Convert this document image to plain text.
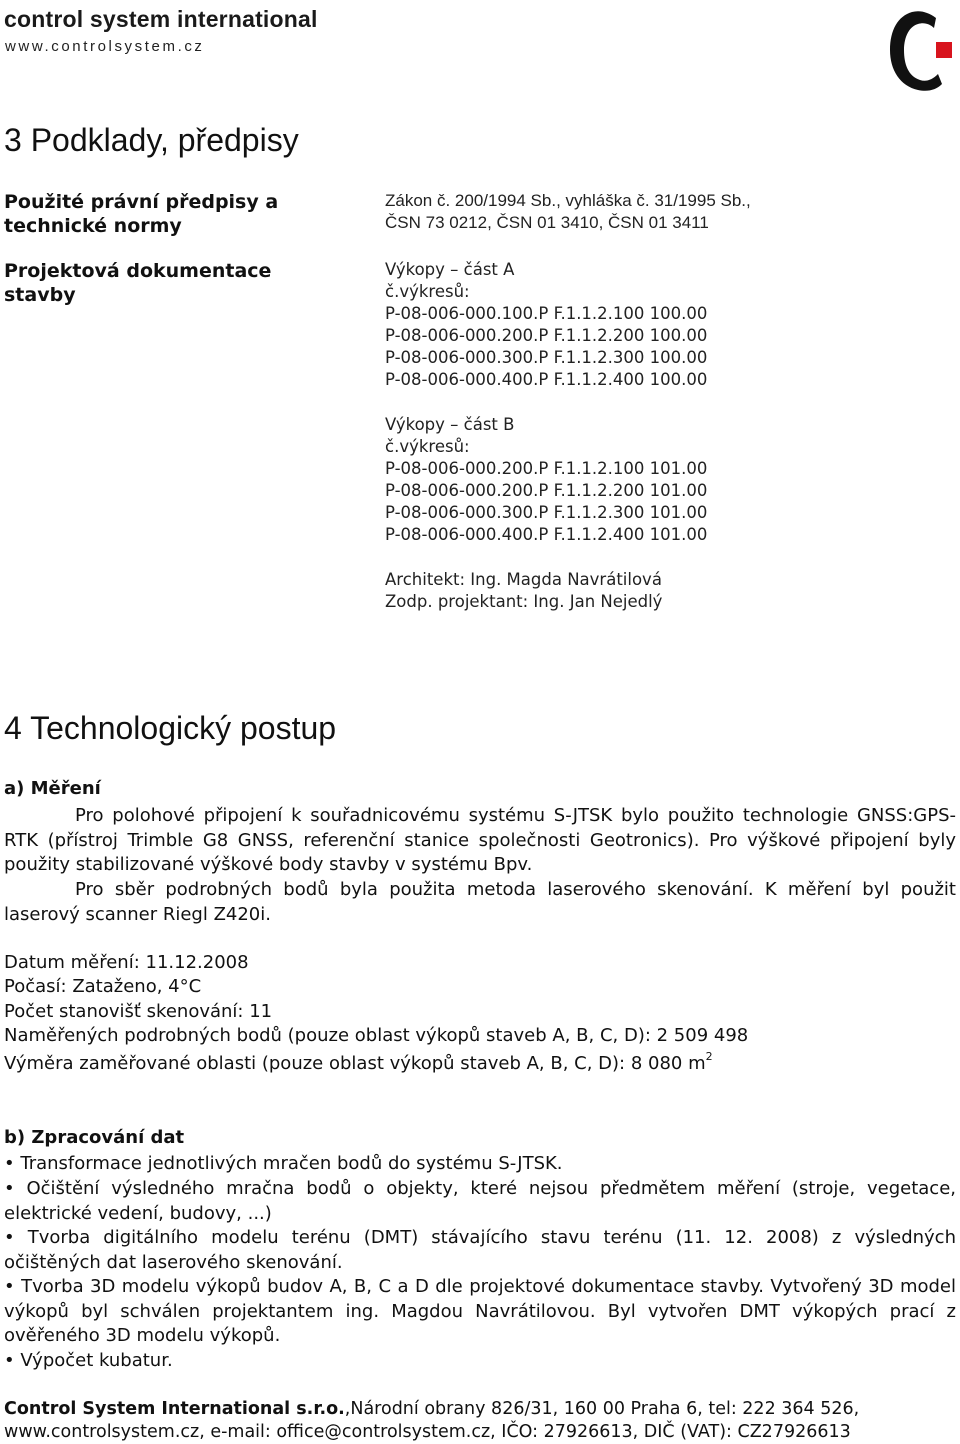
control system international
www.controlsystem.cz
3 Podklady, předpisy
Použité právní předpisy a technické normy
Zákon č. 200/1994 Sb., vyhláška č. 31/1995 Sb.,
ČSN 73 0212, ČSN 01 3410, ČSN 01 3411
Projektová dokumentace stavby
Výkopy – část A
č.výkresů:
P-08-006-000.100.P F.1.1.2.100 100.00
P-08-006-000.200.P F.1.1.2.200 100.00
P-08-006-000.300.P F.1.1.2.300 100.00
P-08-006-000.400.P F.1.1.2.400 100.00
Výkopy – část B
č.výkresů:
P-08-006-000.200.P F.1.1.2.100 101.00
P-08-006-000.200.P F.1.1.2.200 101.00
P-08-006-000.300.P F.1.1.2.300 101.00
P-08-006-000.400.P F.1.1.2.400 101.00
Architekt: Ing. Magda Navrátilová
Zodp. projektant: Ing. Jan Nejedlý
4 Technologický postup
a) Měření
Pro polohové připojení k souřadnicovému systému S-JTSK bylo použito technologie GNSS:GPS-RTK (přístroj Trimble G8 GNSS, referenční stanice společnosti Geotronics). Pro výškové připojení byly použity stabilizované výškové body stavby v systému Bpv.
Pro sběr podrobných bodů byla použita metoda laserového skenování. K měření byl použit laserový scanner Riegl Z420i.
Datum měření: 11.12.2008
Počasí: Zataženo, 4°C
Počet stanovišť skenování: 11
Naměřených podrobných bodů (pouze oblast výkopů staveb A, B, C, D): 2 509 498
Výměra zaměřované oblasti (pouze oblast výkopů staveb A, B, C, D): 8 080 $m^2$
b) Zpracování dat
• Transformace jednotlivých mračen bodů do systému S-JTSK.
• Očištění výsledného mračna bodů o objekty, které nejsou předmětem měření (stroje, vegetace, elektrické vedení, budovy, ...)
• Tvorba digitálního modelu terénu (DMT) stávajícího stavu terénu (11. 12. 2008) z výsledných očištěných dat laserového skenování.
• Tvorba 3D modelu výkopů budov A, B, C a D dle projektové dokumentace stavby. Vytvořený 3D model výkopů byl schválen projektantem ing. Magdou Navrátilovou. Byl vytvořen DMT výkopých prací z ověřeného 3D modelu výkopů.
• Výpočet kubatur.
Control System International s.r.o.,Národní obrany 826/31, 160 00 Praha 6, tel: 222 364 526,
www.controlsystem.cz, e-mail: office@controlsystem.cz, IČO: 27926613, DIČ (VAT): CZ27926613
